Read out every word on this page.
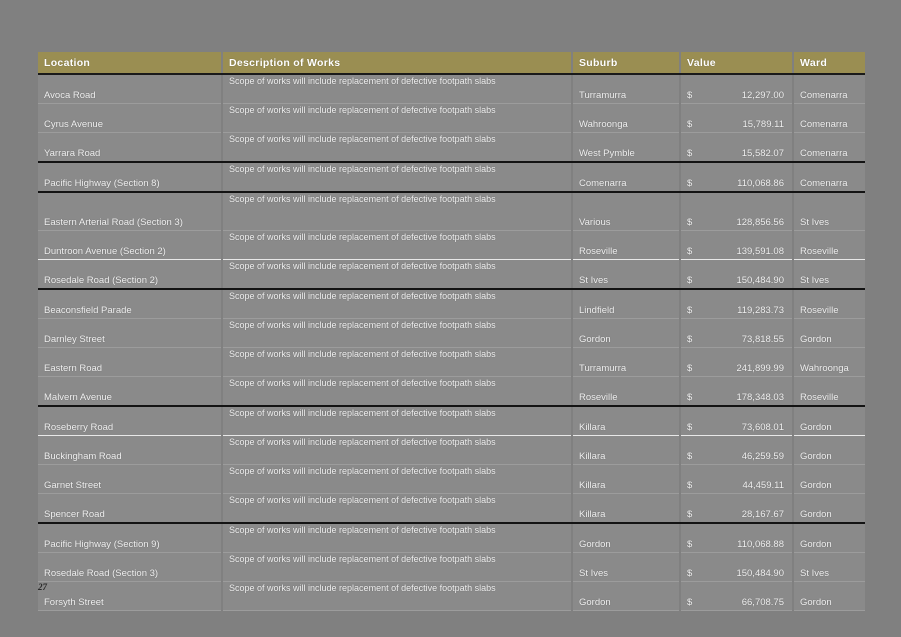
Location	Description of Works	Suburb	Value	Ward
Avoca Road	Scope of works will include replacement of defective footpath slabs	Turramurra	$ 12,297.00	Comenarra
Cyrus Avenue	Scope of works will include replacement of defective footpath slabs	Wahroonga	$ 15,789.11	Comenarra
Yarrara Road	Scope of works will include replacement of defective footpath slabs	West Pymble	$ 15,582.07	Comenarra
Pacific Highway (Section 8)	Scope of works will include replacement of defective footpath slabs	Comenarra	$ 110,068.86	Comenarra
Eastern Arterial Road (Section 3)	Scope of works will include replacement of defective footpath slabs	Various	$ 128,856.56	St Ives
Duntroon Avenue (Section 2)	Scope of works will include replacement of defective footpath slabs	Roseville	$ 139,591.08	Roseville
Rosedale Road (Section 2)	Scope of works will include replacement of defective footpath slabs	St Ives	$ 150,484.90	St Ives
Beaconsfield Parade	Scope of works will include replacement of defective footpath slabs	Lindfield	$ 119,283.73	Roseville
Darnley Street	Scope of works will include replacement of defective footpath slabs	Gordon	$ 73,818.55	Gordon
Eastern Road	Scope of works will include replacement of defective footpath slabs	Turramurra	$ 241,899.99	Wahroonga
Malvern Avenue	Scope of works will include replacement of defective footpath slabs	Roseville	$ 178,348.03	Roseville
Roseberry Road	Scope of works will include replacement of defective footpath slabs	Killara	$ 73,608.01	Gordon
Buckingham Road	Scope of works will include replacement of defective footpath slabs	Killara	$ 46,259.59	Gordon
Garnet Street	Scope of works will include replacement of defective footpath slabs	Killara	$ 44,459.11	Gordon
Spencer Road	Scope of works will include replacement of defective footpath slabs	Killara	$ 28,167.67	Gordon
Pacific Highway (Section 9)	Scope of works will include replacement of defective footpath slabs	Gordon	$ 110,068.88	Gordon
Rosedale Road (Section 3)	Scope of works will include replacement of defective footpath slabs	St Ives	$ 150,484.90	St Ives
Forsyth Street	Scope of works will include replacement of defective footpath slabs	Gordon	$ 66,708.75	Gordon
27
